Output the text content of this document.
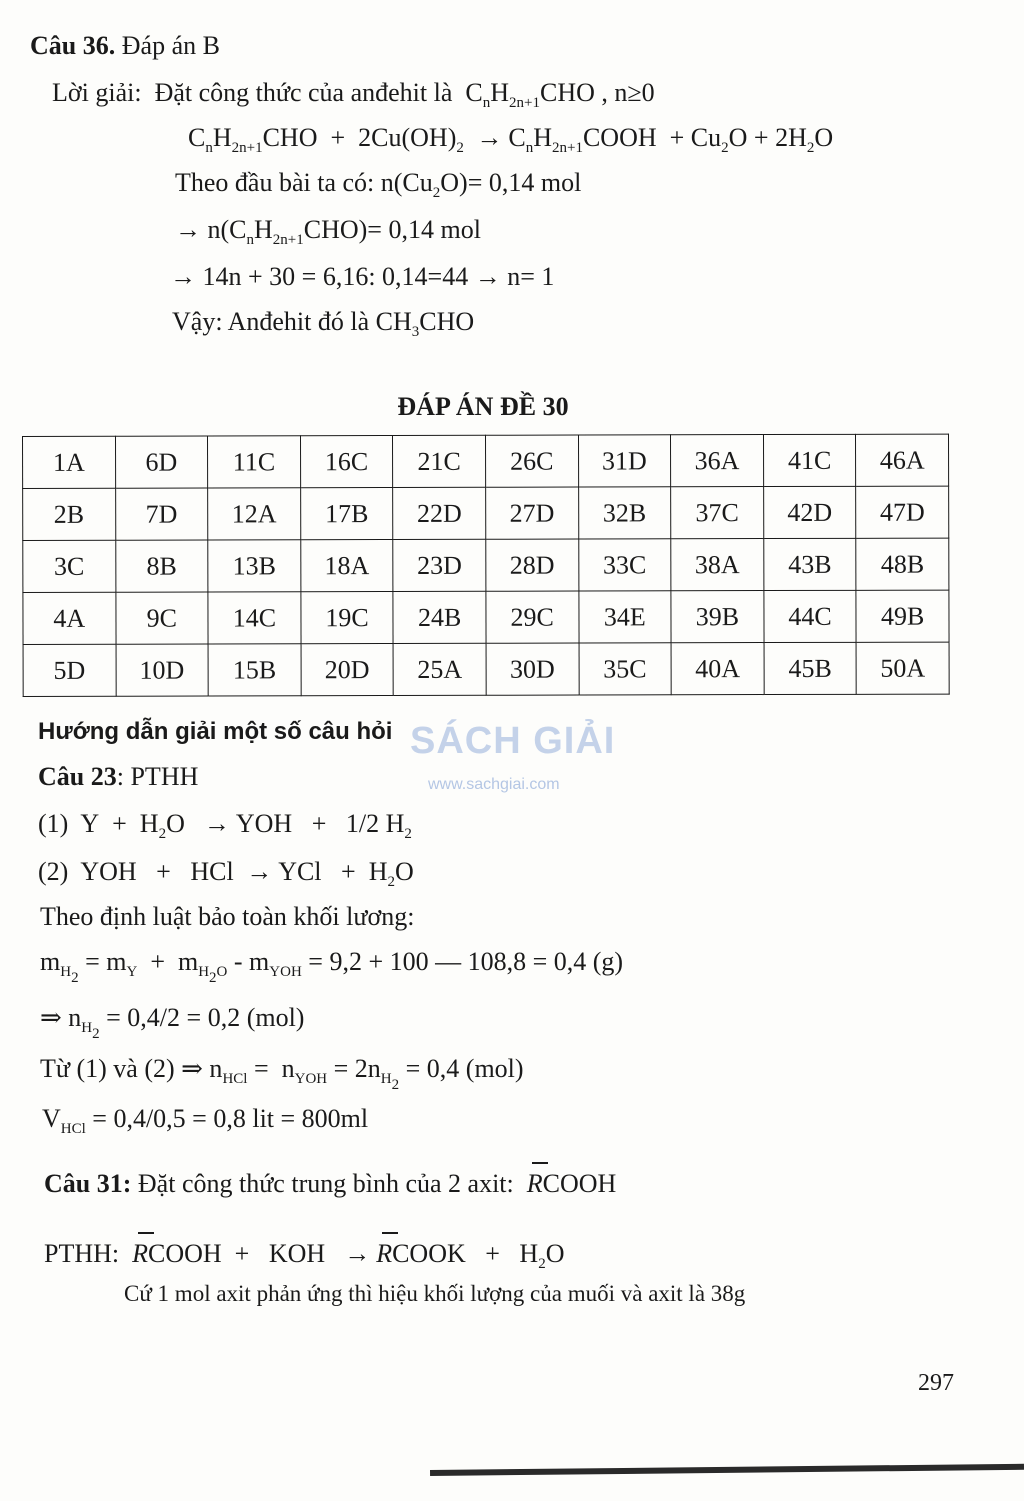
Câu 36. Đáp án B
Lời giải: Đặt công thức của anđehit là $C_nH_{2n+1}CHO$ , n≥0
$C_nH_{2n+1}CHO + 2Cu(OH)_2$ → $C_nH_{2n+1}COOH + Cu_2O + 2H_2O$
Theo đầu bài ta có: $n(Cu_2O)= 0,14$ mol
→ $n(C_nH_{2n+1}CHO)= 0,14$ mol
→ 14n + 30 = 6,16: 0,14=44 → n= 1
Vậy: Anđehit đó là $CH_3CHO$
ĐÁP ÁN ĐỀ 30
1A	6D	11C	16C	21C	26C	31D	36A	41C	46A
2B	7D	12A	17B	22D	27D	32B	37C	42D	47D
3C	8B	13B	18A	23D	28D	33C	38A	43B	48B
4A	9C	14C	19C	24B	29C	34E	39B	44C	49B
5D	10D	15B	20D	25A	30D	35C	40A	45B	50A
SÁCH GIẢI
www.sachgiai.com
Hướng dẫn giải một số câu hỏi
Câu 23: PTHH
(1)  $Y + H_2O$  → YOH   +   1/2 $H_2$
(2)  YOH   +   HCl → YCl   +  $H_2O$
Theo định luật bảo toàn khối lương:
$m_{H_2} = m_Y + m_{H_2O} - m_{YOH} = 9,2 + 100$ — 108,8 = 0,4 (g)
⇒ $n_{H_2} = 0,4/2 = 0,2$ (mol)
Từ (1) và (2) ⇒ $n_{HCl} = n_{YOH} = 2n_{H_2} = 0,4$ (mol)
$V_{HCl} = 0,4/0,5 = 0,8$ lit = 800ml
Câu 31: Đặt công thức trung bình của 2 axit: RCOOH
PTHH: RCOOH  +   KOH  → RCOOK   +   $H_2O$
Cứ 1 mol axit phản ứng thì hiệu khối lượng của muối và axit là 38g
297
